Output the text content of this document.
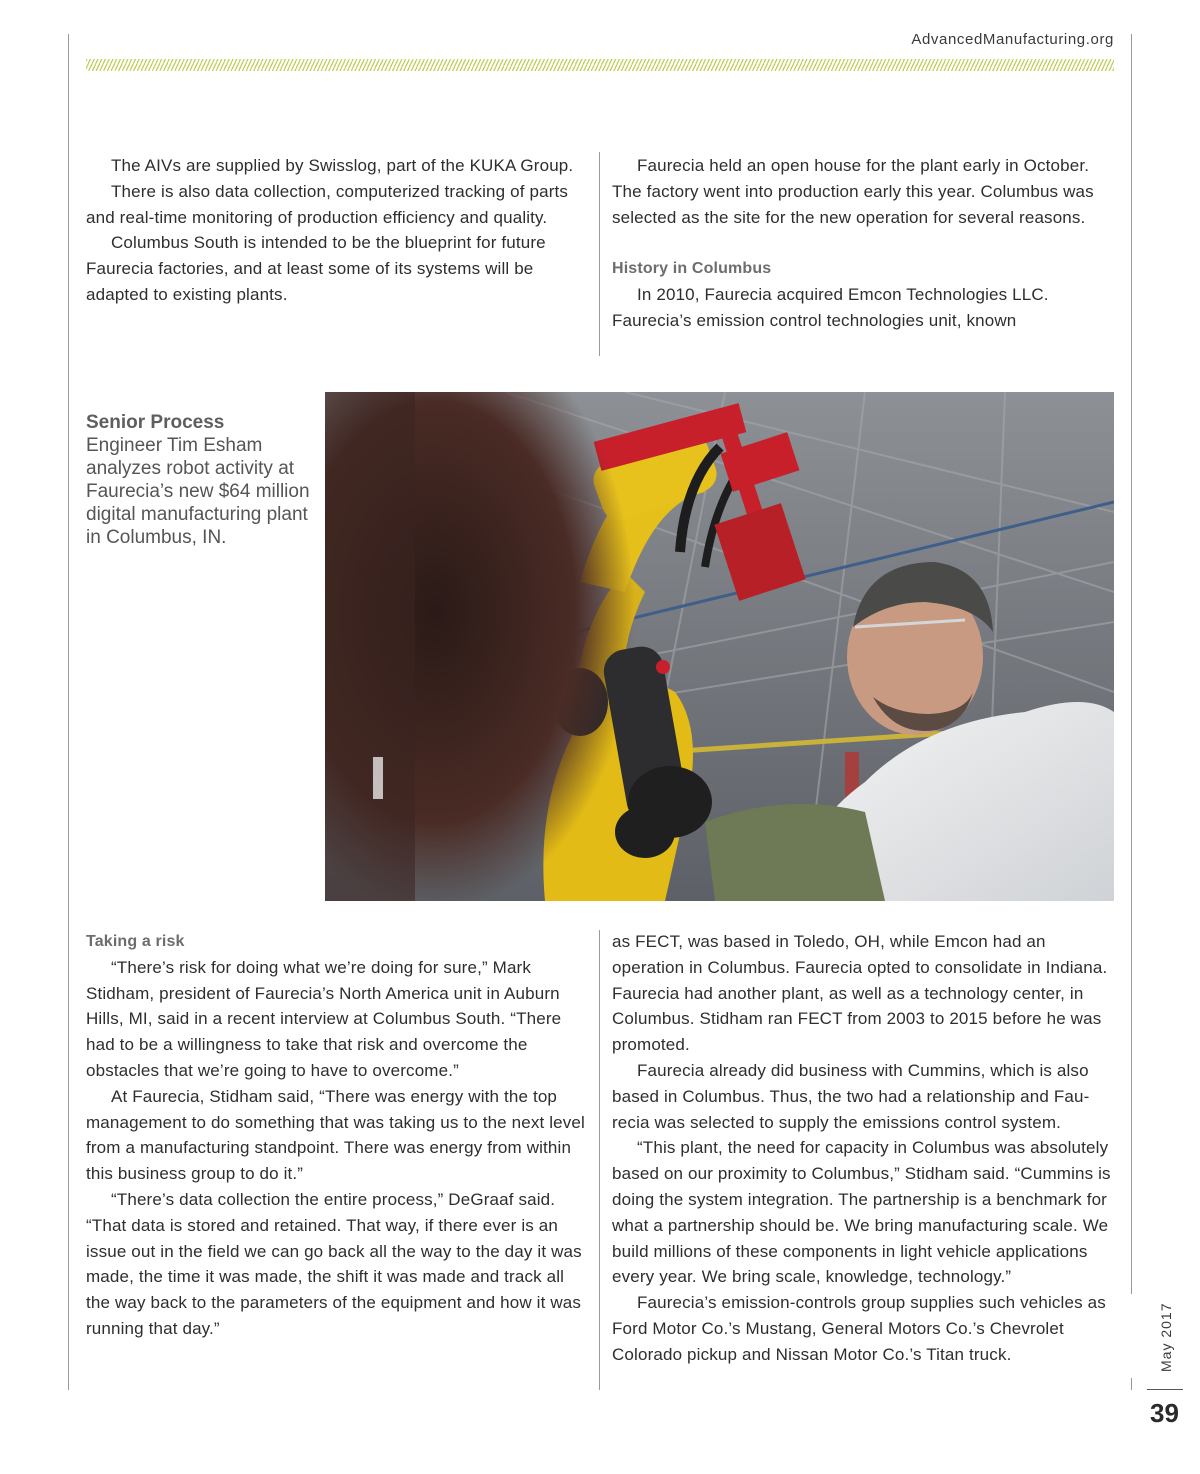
AdvancedManufacturing.org

The AIVs are supplied by Swisslog, part of the KUKA Group.

There is also data collection, computerized tracking of parts and real-time monitoring of production efficiency and quality.

Columbus South is intended to be the blueprint for future Faurecia factories, and at least some of its systems will be adapted to existing plants.

Faurecia held an open house for the plant early in October. The factory went into production early this year. Columbus was selected as the site for the new operation for several reasons.

History in Columbus

In 2010, Faurecia acquired Emcon Technologies LLC. Faurecia’s emission control technologies unit, known

Senior Process
Engineer Tim Esham analyzes robot activity at Faurecia’s new $64 million digital manufacturing plant in Columbus, IN.
Taking a risk

“There’s risk for doing what we’re doing for sure,” Mark Stidham, president of Faurecia’s North America unit in Auburn Hills, MI, said in a recent interview at Columbus South. “There had to be a willingness to take that risk and overcome the obstacles that we’re going to have to overcome.”

At Faurecia, Stidham said, “There was energy with the top management to do something that was taking us to the next level from a manufacturing standpoint. There was energy from within this business group to do it.”

“There’s data collection the entire process,” DeGraaf said. “That data is stored and retained. That way, if there ever is an issue out in the field we can go back all the way to the day it was made, the time it was made, the shift it was made and track all the way back to the parameters of the equipment and how it was running that day.”

as FECT, was based in Toledo, OH, while Emcon had an operation in Columbus. Faurecia opted to consolidate in Indiana. Faurecia had another plant, as well as a technology center, in Columbus. Stidham ran FECT from 2003 to 2015 before he was promoted.

Faurecia already did business with Cummins, which is also based in Columbus. Thus, the two had a relationship and Faurecia was selected to supply the emissions control system.

“This plant, the need for capacity in Columbus was absolutely based on our proximity to Columbus,” Stidham said. “Cummins is doing the system integration. The partnership is a benchmark for what a partnership should be. We bring manufacturing scale. We build millions of these components in light vehicle applications every year. We bring scale, knowledge, technology.”

Faurecia’s emission-controls group supplies such vehicles as Ford Motor Co.’s Mustang, General Motors Co.’s Chevrolet Colorado pickup and Nissan Motor Co.’s Titan truck.	May 2017
39
